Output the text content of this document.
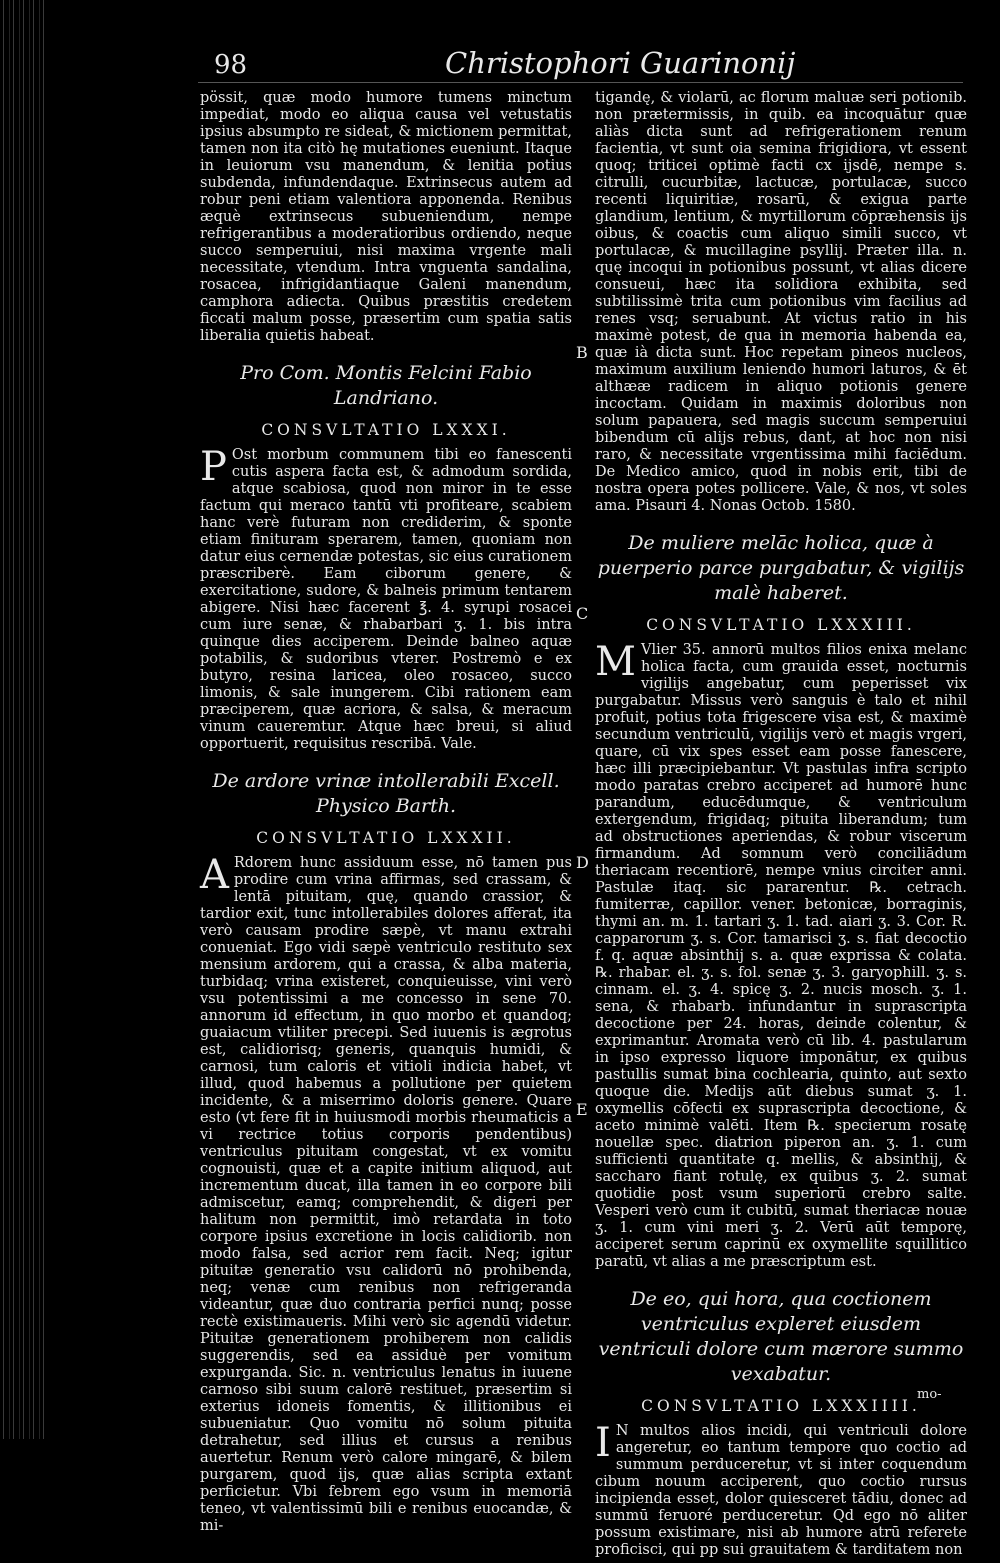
98	Christophori Guarinonij

pössit, quæ modo humore tumens minctum impediat, modo eo aliqua causa vel vetustatis ipsius absumpto re sideat, & mictionem permittat, tamen non ita citò hę mutationes eueniunt. Itaque in leuiorum vsu manendum, & lenitia potius subdenda, infundendaque. Extrinsecus autem ad robur peni etiam valentiora apponenda. Renibus æquè extrinsecus subueniendum, nempe refrigerantibus a moderatioribus ordiendo, neque succo semperuiui, nisi maxima vrgente mali necessitate, vtendum. Intra vnguenta sandalina, rosacea, infrigidantiaque Galeni manendum, camphora adiecta. Quibus præstitis credetem ficcati malum posse, præsertim cum spatia satis liberalia quietis habeat.

Pro Com. Montis Felcini Fabio Landriano.
CONSVLTATIO LXXXI.

P Ost morbum communem tibi eo fanescenti cutis aspera facta est, & admodum sordida, atque scabiosa, quod non miror in te esse factum qui meraco tantū vti profiteare, scabiem hanc verè futuram non crediderim, & sponte etiam finituram sperarem, tamen, quoniam non datur eius cernendæ potestas, sic eius curationem præscriberè. Eam ciborum genere, & exercitatione, sudore, & balneis primum tentarem abigere. Nisi hæc facerent ℥. 4. syrupi rosacei cum iure senæ, & rhabarbari ʒ. 1. bis intra quinque dies acciperem. Deinde balneo aquæ potabilis, & sudoribus vterer. Postremò e ex butyro, resina laricea, oleo rosaceo, succo limonis, & sale inungerem. Cibi rationem eam præciperem, quæ acriora, & salsa, & meracum vinum caueremtur. Atque hæc breui, si aliud opportuerit, requisitus rescribā. Vale.

De ardore vrinæ intollerabili Excell. Physico Barth.
CONSVLTATIO LXXXII.

A Rdorem hunc assiduum esse, nō tamen pus prodire cum vrina affirmas, sed crassam, & lentā pituitam, quę, quando crassior, & tardior exit, tunc intollerabiles dolores afferat, ita verò causam prodire sæpè, vt manu extrahi conueniat. Ego vidi sæpè ventriculo restituto sex mensium ardorem, qui a crassa, & alba materia, turbidaq; vrina existeret, conquieuisse, vini verò vsu potentissimi a me concesso in sene 70. annorum id effectum, in quo morbo et quandoq; guaiacum vtiliter precepi. Sed iuuenis is ægrotus est, calidiorisq; generis, quanquis humidi, & carnosi, tum caloris et vitioli indicia habet, vt illud, quod habemus a pollutione per quietem incidente, & a miserrimo doloris genere. Quare esto (vt fere fit in huiusmodi morbis rheumaticis a vi rectrice totius corporis pendentibus) ventriculus pituitam congestat, vt ex vomitu cognouisti, quæ et a capite initium aliquod, aut incrementum ducat, illa tamen in eo corpore bili admiscetur, eamq; comprehendit, & digeri per halitum non permittit, imò retardata in toto corpore ipsius excretione in locis calidiorib. non modo falsa, sed acrior rem facit. Neq; igitur pituitæ generatio vsu calidorū nō prohibenda, neq; venæ cum renibus non refrigeranda videantur, quæ duo contraria perfici nunq; posse rectè existimaueris. Mihi verò sic agendū videtur. Pituitæ generationem prohiberem non calidis suggerendis, sed ea assiduè per vomitum expurganda. Sic. n. ventriculus lenatus in iuuene carnoso sibi suum calorē restituet, præsertim si exterius idoneis fomentis, & illitionibus ei subueniatur. Quo vomitu nō solum pituita detrahetur, sed illius et cursus a renibus auertetur. Renum verò calore mingarē, & bilem purgarem, quod ijs, quæ alias scripta extant perficietur. Vbi febrem ego vsum in memoriā teneo, vt valentissimū bili e renibus euocandæ, & mi-

B
C
D
E

tigandę, & violarū, ac florum maluæ seri potionib. non prætermissis, in quib. ea incoquātur quæ aliàs dicta sunt ad refrigerationem renum facientia, vt sunt oia semina frigidiora, vt essent quoq; triticei optimè facti cx ijsdē, nempe s. citrulli, cucurbitæ, lactucæ, portulacæ, succo recenti liquiritiæ, rosarū, & exigua parte glandium, lentium, & myrtillorum cōpræhensis ijs oibus, & coactis cum aliquo simili succo, vt portulacæ, & mucillagine psyllij. Præter illa. n. quę incoqui in potionibus possunt, vt alias dicere consueui, hæc ita solidiora exhibita, sed subtilissimè trita cum potionibus vim facilius ad renes vsq; seruabunt. At victus ratio in his maximè potest, de qua in memoria habenda ea, quæ ià dicta sunt. Hoc repetam pineos nucleos, maximum auxilium leniendo humori laturos, & ēt althææ radicem in aliquo potionis genere incoctam. Quidam in maximis doloribus non solum papauera, sed magis succum semperuiui bibendum cū alijs rebus, dant, at hoc non nisi raro, & necessitate vrgentissima mihi faciēdum. De Medico amico, quod in nobis erit, tibi de nostra opera potes pollicere. Vale, & nos, vt soles ama. Pisauri 4. Nonas Octob. 1580.

De muliere melāc holica, quæ à puerperio parce purgabatur, & vigilijs malè haberet.
CONSVLTATIO LXXXIII.

M Vlier 35. annorū multos filios enixa melanc holica facta, cum grauida esset, nocturnis vigilijs angebatur, cum peperisset vix purgabatur. Missus verò sanguis è talo et nihil profuit, potius tota frigescere visa est, & maximè secundum ventriculū, vigilijs verò et magis vrgeri, quare, cū vix spes esset eam posse fanescere, hæc illi præcipiebantur. Vt pastulas infra scripto modo paratas crebro acciperet ad humorē hunc parandum, educēdumque, & ventriculum extergendum, frigidaq; pituita liberandum; tum ad obstructiones aperiendas, & robur viscerum firmandum. Ad somnum verò conciliādum theriacam recentiorē, nempe vnius circiter anni. Pastulæ itaq. sic pararentur. ℞. cetrach. fumiterræ, capillor. vener. betonicæ, borraginis, thymi an. m. 1. tartari ʒ. 1. tad. aiari ʒ. 3. Cor. R. capparorum ʒ. s. Cor. tamarisci ʒ. s. fiat decoctio f. q. aquæ absinthij s. a. quæ exprissa & colata. ℞. rhabar. el. ʒ. s. fol. senæ ʒ. 3. garyophill. ʒ. s. cinnam. el. ʒ. 4. spicę ʒ. 2. nucis mosch. ʒ. 1. sena, & rhabarb. infundantur in suprascripta decoctione per 24. horas, deinde colentur, & exprimantur. Aromata verò cū lib. 4. pastularum in ipso expresso liquore imponātur, ex quibus pastullis sumat bina cochlearia, quinto, aut sexto quoque die. Medijs aūt diebus sumat ʒ. 1. oxymellis cōfecti ex suprascripta decoctione, & aceto minimè valēti. Item ℞. specierum rosatę nouellæ spec. diatrion piperon an. ʒ. 1. cum sufficienti quantitate q. mellis, & absinthij, & saccharo fiant rotulę, ex quibus ʒ. 2. sumat quotidie post vsum superiorū crebro salte. Vesperi verò cum it cubitū, sumat theriacæ nouæ ʒ. 1. cum vini meri ʒ. 2. Verū aūt temporę, acciperet serum caprinū ex oxymellite squillitico paratū, vt alias a me præscriptum est.

De eo, qui hora, qua coctionem ventriculus expleret eiusdem ventriculi dolore cum mærore summo vexabatur.
CONSVLTATIO LXXXIIII.

I N multos alios incidi, qui ventriculi dolore angeretur, eo tantum tempore quo coctio ad summum perduceretur, vt si inter coquendum cibum nouum acciperent, quo coctio rursus incipienda esset, dolor quiesceret tādiu, donec ad summū feruoré perduceretur. Qd ego nō aliter possum existimare, nisi ab humore atrū referete proficisci, qui pp sui grauitatem & tarditatem non

mo-
